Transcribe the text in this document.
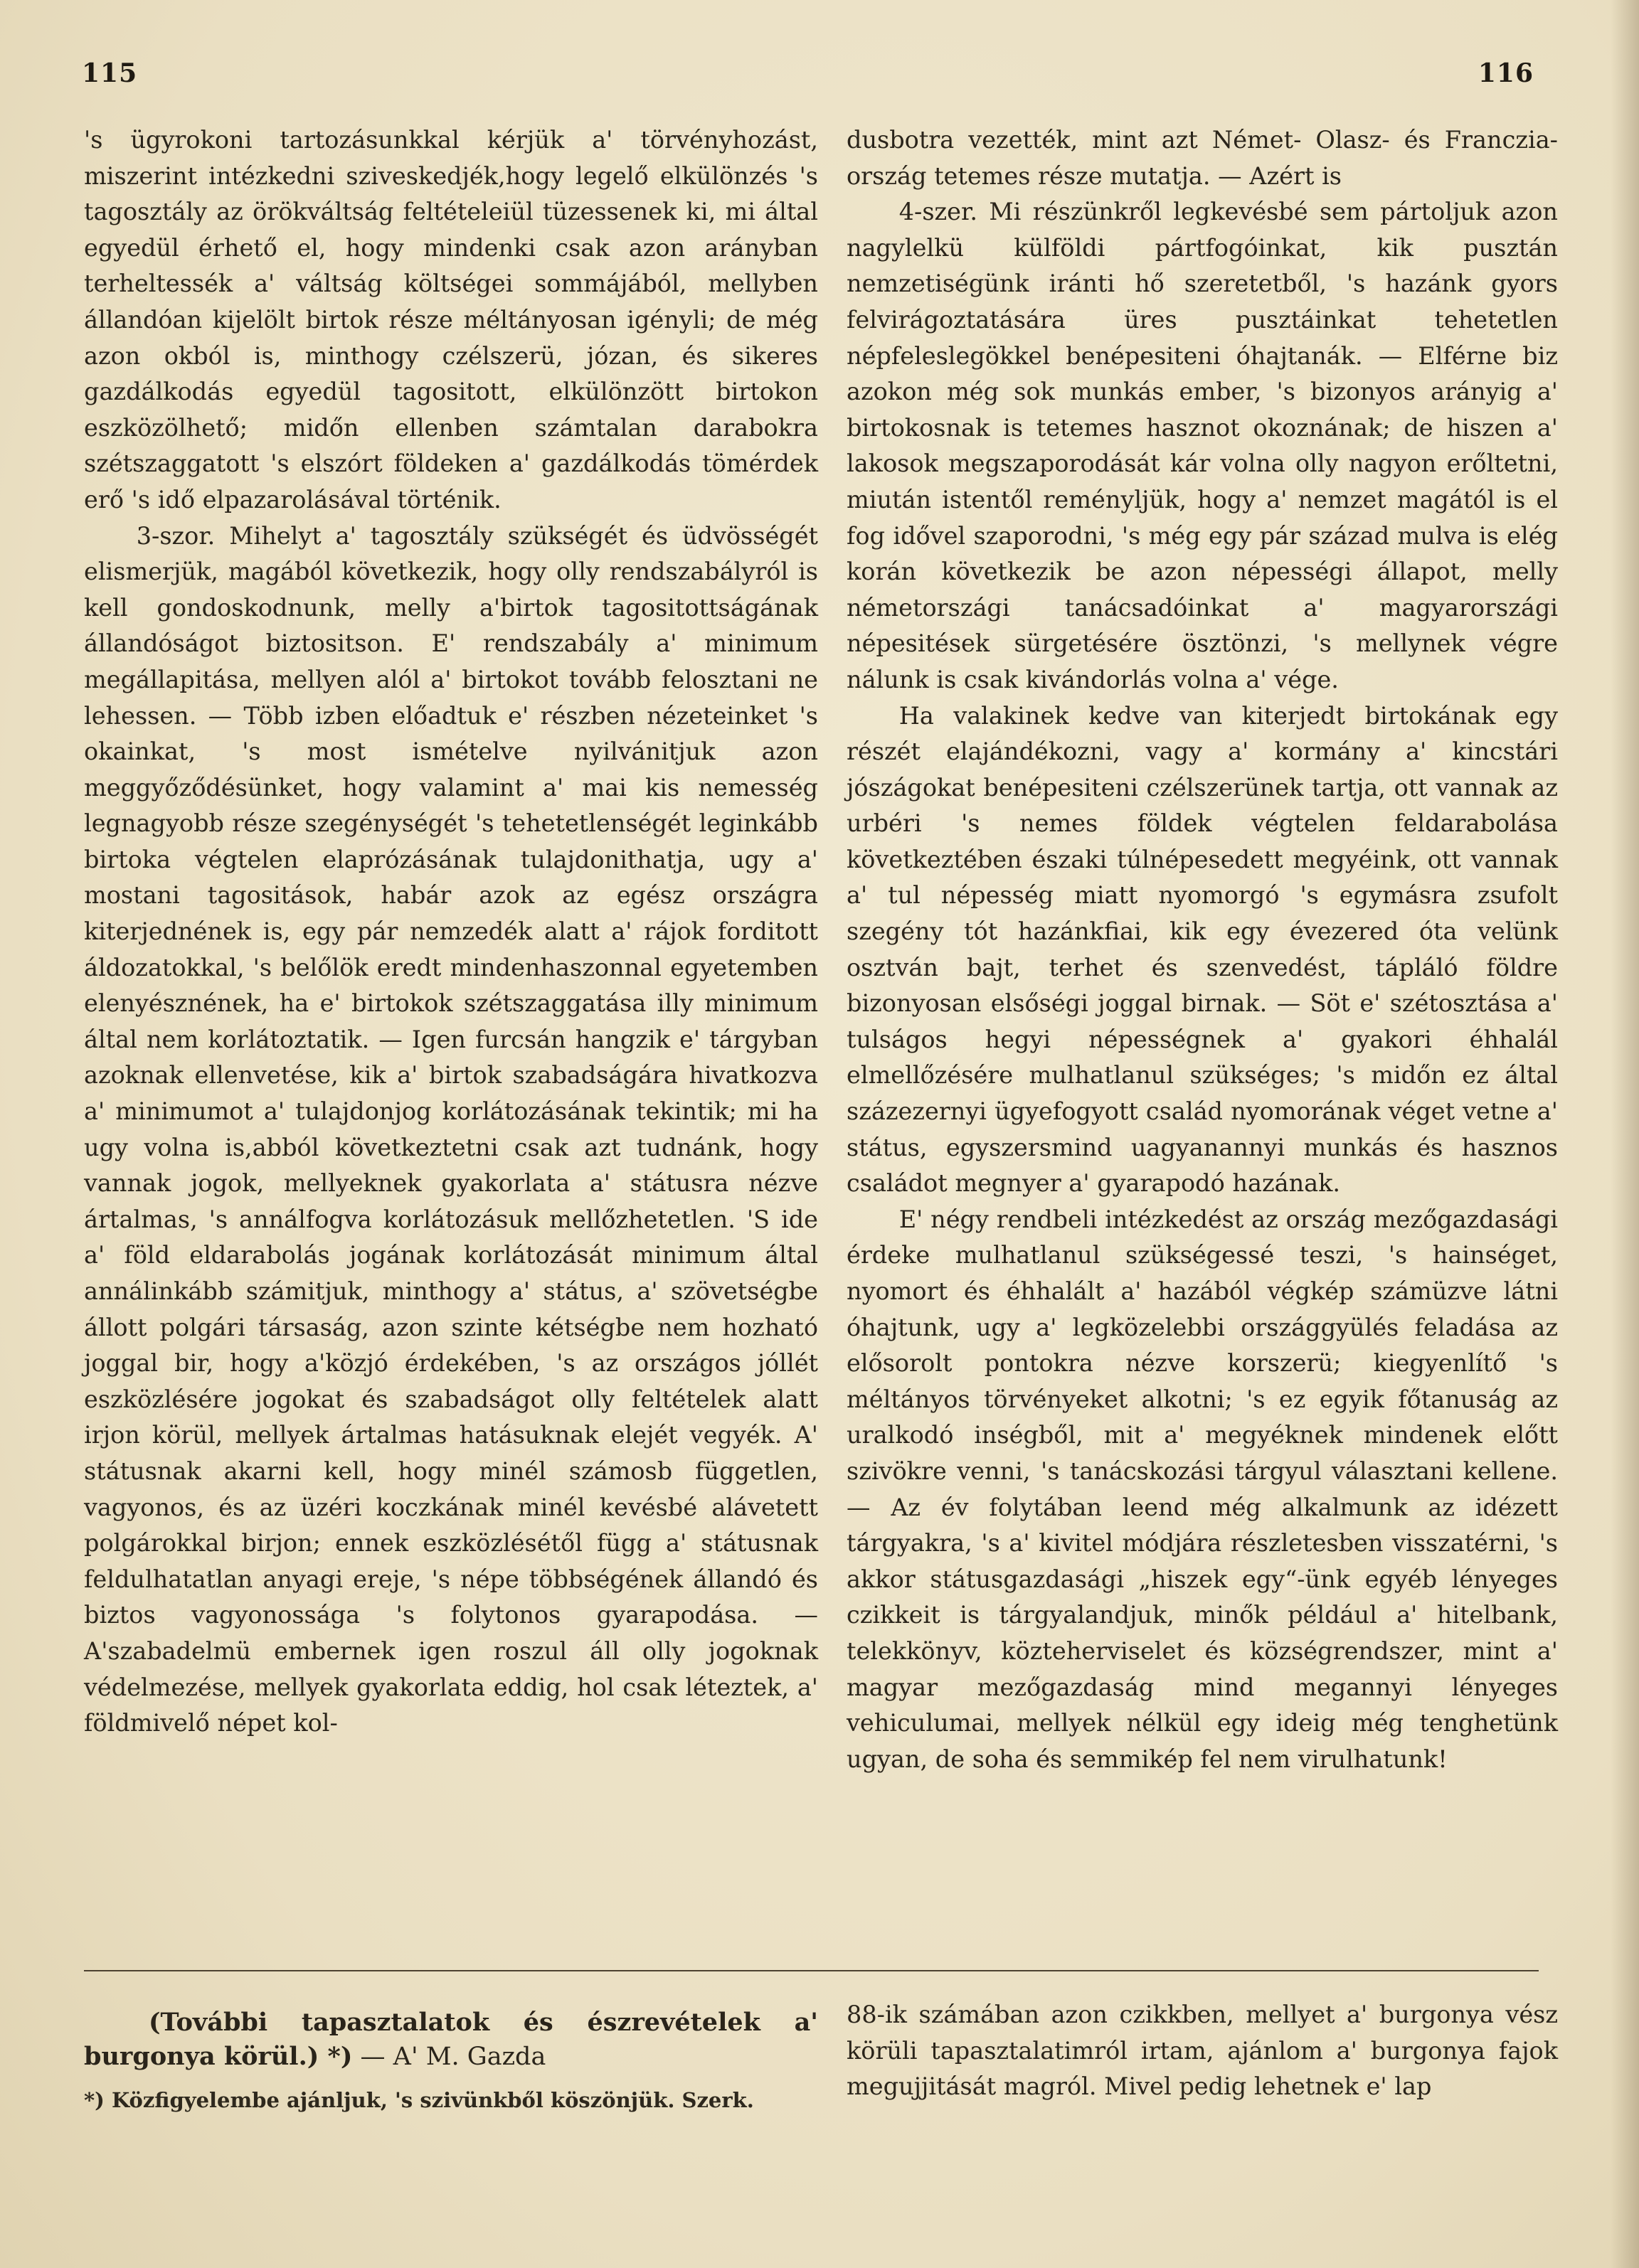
115	116

's ügyrokoni tartozásunkkal kérjük a' törvényhozást, miszerint intézkedni sziveskedjék,hogy legelő elkülönzés 's tagosztály az örökváltság feltételeiül tüzessenek ki, mi által egyedül érhető el, hogy mindenki csak azon arányban terheltessék a' váltság költségei sommájából, mellyben állandóan kijelölt birtok része méltányosan igényli; de még azon okból is, minthogy czélszerü, józan, és sikeres gazdálkodás egyedül tagositott, elkülönzött birtokon eszközölhető; midőn ellenben számtalan darabokra szétszaggatott 's elszórt földeken a' gazdálkodás tömérdek erő 's idő elpazarolásával történik.

3-szor. Mihelyt a' tagosztály szükségét és üdvösségét elismerjük, magából következik, hogy olly rendszabályról is kell gondoskodnunk, melly a'birtok tagositottságának állandóságot biztositson. E' rendszabály a' minimum megállapitása, mellyen alól a' birtokot tovább felosztani ne lehessen. — Több izben előadtuk e' részben nézeteinket 's okainkat, 's most ismételve nyilvánitjuk azon meggyőződésünket, hogy valamint a' mai kis nemesség legnagyobb része szegénységét 's tehetetlenségét leginkább birtoka végtelen elaprózásának tulajdonithatja, ugy a' mostani tagositások, habár azok az egész országra kiterjednének is, egy pár nemzedék alatt a' rájok forditott áldozatokkal, 's belőlök eredt mindenhaszonnal egyetemben elenyésznének, ha e' birtokok szétszaggatása illy minimum által nem korlátoztatik. — Igen furcsán hangzik e' tárgyban azoknak ellenvetése, kik a' birtok szabadságára hivatkozva a' minimumot a' tulajdonjog korlátozásának tekintik; mi ha ugy volna is,abból következtetni csak azt tudnánk, hogy vannak jogok, mellyeknek gyakorlata a' státusra nézve ártalmas, 's annálfogva korlátozásuk mellőzhetetlen. 'S ide a' föld eldarabolás jogának korlátozását minimum által annálinkább számitjuk, minthogy a' státus, a' szövetségbe állott polgári társaság, azon szinte kétségbe nem hozható joggal bir, hogy a'közjó érdekében, 's az országos jóllét eszközlésére jogokat és szabadságot olly feltételek alatt irjon körül, mellyek ártalmas hatásuknak elejét vegyék. A' státusnak akarni kell, hogy minél számosb független, vagyonos, és az üzéri koczkának minél kevésbé alávetett polgárokkal birjon; ennek eszközlésétől függ a' státusnak feldulhatatlan anyagi ereje, 's népe többségének állandó és biztos vagyonossága 's folytonos gyarapodása. — A'szabadelmü embernek igen roszul áll olly jogoknak védelmezése, mellyek gyakorlata eddig, hol csak léteztek, a' földmivelő népet kol-

dusbotra vezették, mint azt Német- Olasz- és Franczia-ország tetemes része mutatja. — Azért is

4-szer. Mi részünkről legkevésbé sem pártoljuk azon nagylelkü külföldi pártfogóinkat, kik pusztán nemzetiségünk iránti hő szeretetből, 's hazánk gyors felvirágoztatására üres pusztáinkat tehetetlen népfeleslegökkel benépesiteni óhajtanák. — Elférne biz azokon még sok munkás ember, 's bizonyos arányig a' birtokosnak is tetemes hasznot okoznának; de hiszen a' lakosok megszaporodását kár volna olly nagyon erőltetni, miután istentől reményljük, hogy a' nemzet magától is el fog idővel szaporodni, 's még egy pár század mulva is elég korán következik be azon népességi állapot, melly németországi tanácsadóinkat a' magyarországi népesitések sürgetésére ösztönzi, 's mellynek végre nálunk is csak kivándorlás volna a' vége.

Ha valakinek kedve van kiterjedt birtokának egy részét elajándékozni, vagy a' kormány a' kincstári jószágokat benépesiteni czélszerünek tartja, ott vannak az urbéri 's nemes földek végtelen feldarabolása következtében északi túlnépesedett megyéink, ott vannak a' tul népesség miatt nyomorgó 's egymásra zsufolt szegény tót hazánkfiai, kik egy évezered óta velünk osztván bajt, terhet és szenvedést, tápláló földre bizonyosan elsőségi joggal birnak. — Söt e' szétosztása a' tulságos hegyi népességnek a' gyakori éhhalál elmellőzésére mulhatlanul szükséges; 's midőn ez által százezernyi ügyefogyott család nyomorának véget vetne a' státus, egyszersmind uagyanannyi munkás és hasznos családot megnyer a' gyarapodó hazának.

E' négy rendbeli intézkedést az ország mezőgazdasági érdeke mulhatlanul szükségessé teszi, 's hainséget, nyomort és éhhalált a' hazából végkép számüzve látni óhajtunk, ugy a' legközelebbi országgyülés feladása az elősorolt pontokra nézve korszerü; kiegyenlítő 's méltányos törvényeket alkotni; 's ez egyik főtanuság az uralkodó inségből, mit a' megyéknek mindenek előtt szivökre venni, 's tanácskozási tárgyul választani kellene. — Az év folytában leend még alkalmunk az idézett tárgyakra, 's a' kivitel módjára részletesben visszatérni, 's akkor státusgazdasági „hiszek egy“-ünk egyéb lényeges czikkeit is tárgyalandjuk, minők például a' hitelbank, telekkönyv, közteherviselet és községrendszer, mint a' magyar mezőgazdaság mind megannyi lényeges vehiculumai, mellyek nélkül egy ideig még tenghetünk ugyan, de soha és semmikép fel nem virulhatunk!

(További tapasztalatok és észrevételek a' burgonya körül.) *) — A' M. Gazda
*) Közfigyelembe ajánljuk, 's szivünkből köszönjük. Szerk.
88-ik számában azon czikkben, mellyet a' burgonya vész körüli tapasztalatimról irtam, ajánlom a' burgonya fajok megujjitását magról. Mivel pedig lehetnek e' lap
